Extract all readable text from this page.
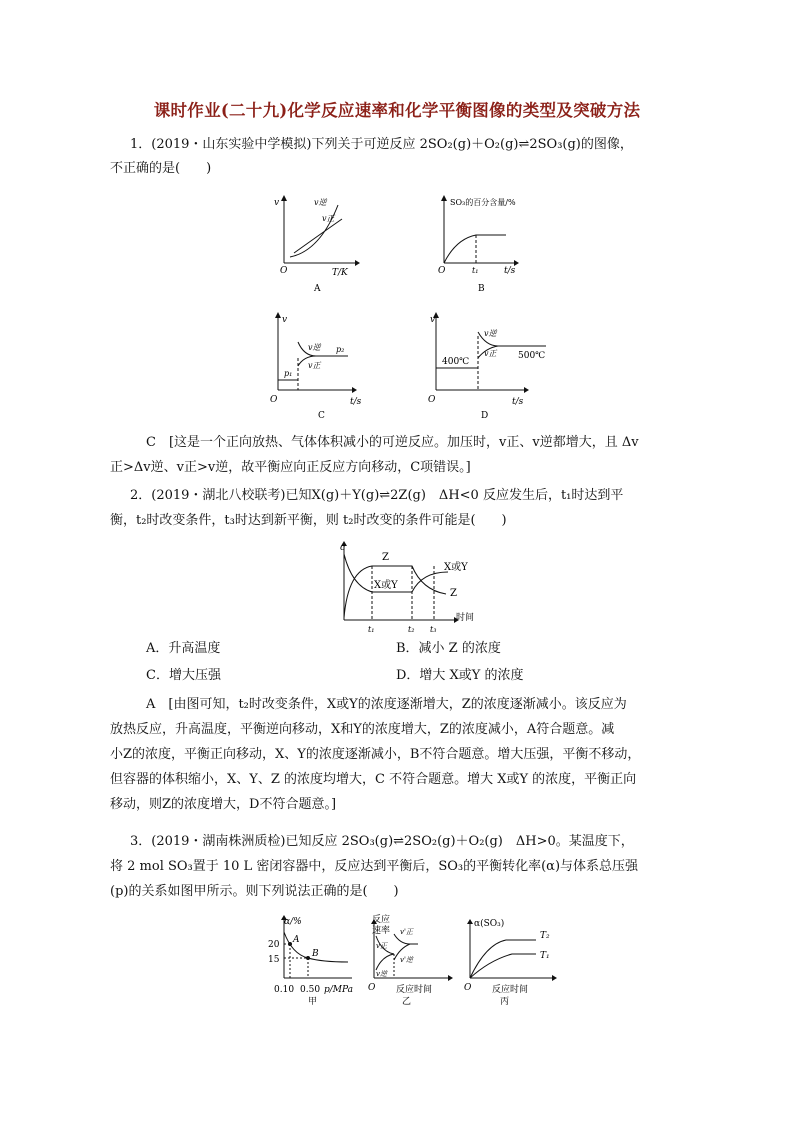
课时作业(二十九)化学反应速率和化学平衡图像的类型及突破方法
1．(2019・山东实验中学模拟)下列关于可逆反应 2SO₂(g)＋O₂(g)⇌2SO₃(g)的图像，
不正确的是(　　)
v	v逆
v正
O	T/K
A
SO₃的百分含量/%
O	t₁	t/s
B
v
v逆
v正
p₂
p₁
O	t/s
C
v
v逆
v正
400℃
500℃
O	t/s
D
C　[这是一个正向放热、气体体积减小的可逆反应。加压时，v正、v逆都增大，且 Δv
正>Δv逆、v正>v逆，故平衡应向正反应方向移动，C项错误。]
2．(2019・湖北八校联考)已知X(g)＋Y(g)⇌2Z(g)　ΔH<0 反应发生后，t₁时达到平
衡，t₂时改变条件，t₃时达到新平衡，则 t₂时改变的条件可能是(　　)
c
Z
X或Y
X或Y
Z
时间
t₁	t₂ t₃
A．升高温度	B．减小 Z 的浓度
C．增大压强	D．增大 X或Y 的浓度
A　[由图可知，t₂时改变条件，X或Y的浓度逐渐增大，Z的浓度逐渐减小。该反应为
放热反应，升高温度，平衡逆向移动，X和Y的浓度增大，Z的浓度减小，A符合题意。减
小Z的浓度，平衡正向移动，X、Y的浓度逐渐减小，B不符合题意。增大压强，平衡不移动，
但容器的体积缩小，X、Y、Z 的浓度均增大，C 不符合题意。增大 X或Y 的浓度，平衡正向
移动，则Z的浓度增大，D不符合题意。]
3．(2019・湖南株洲质检)已知反应 2SO₃(g)⇌2SO₂(g)＋O₂(g)　ΔH>0。某温度下，
将 2 mol SO₃置于 10 L 密闭容器中，反应达到平衡后，SO₃的平衡转化率(α)与体系总压强
(p)的关系如图甲所示。则下列说法正确的是(　　)
α/%
20
15
A
B
0.10 0.50 p/MPa
甲
反应
速率 v'正
v'逆
v正
v逆
O 反应时间
乙
α(SO₃)
T₂
T₁
O 反应时间
丙
